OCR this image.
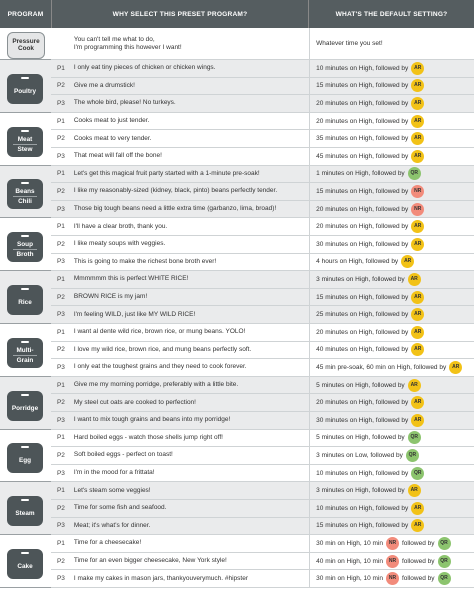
PROGRAM	WHY SELECT THIS PRESET PROGRAM?	WHAT'S THE DEFAULT SETTING?
Pressure
Cook
You can't tell me what to do,
I'm programming this however I want!	Whatever time you set!
Poultry
P1	I only eat tiny pieces of chicken or chicken wings.	10 minutes on High, followed by	AR
P2	Give me a drumstick!	15 minutes on High, followed by	AR
P3	The whole bird, please! No turkeys.	20 minutes on High, followed by	AR
Meat
Stew
P1	Cooks meat to just tender.	20 minutes on High, followed by	AR
P2	Cooks meat to very tender.	35 minutes on High, followed by	AR
P3	That meat will fall off the bone!	45 minutes on High, followed by	AR
Beans
Chili
P1	Let's get this magical fruit party started with a 1-minute pre-soak!	1 minutes on High, followed by	QR
P2	I like my reasonably-sized (kidney, black, pinto) beans perfectly tender.	15 minutes on High, followed by	NR
P3	Those big tough beans need a little extra time (garbanzo, lima, broad)!	20 minutes on High, followed by	NR
Soup
Broth
P1	I'll have a clear broth, thank you.	20 minutes on High, followed by	AR
P2	I like meaty soups with veggies.	30 minutes on High, followed by	AR
P3	This is going to make the richest bone broth ever!	4 hours on High, followed by	AR
Rice
P1	Mmmmmm this is perfect WHITE RICE!	3 minutes on High, followed by	AR
P2	BROWN RICE is my jam!	15 minutes on High, followed by	AR
P3	I'm feeling WILD, just like MY WILD RICE!	25 minutes on High, followed by	AR
Multi-
Grain
P1	I want al dente wild rice, brown rice, or mung beans. YOLO!	20 minutes on High, followed by	AR
P2	I love my wild rice, brown rice, and mung beans perfectly soft.	40 minutes on High, followed by	AR
P3	I only eat the toughest grains and they need to cook forever.	45 min pre-soak, 60 min on High, followed by	AR
Porridge
P1	Give me my morning porridge, preferably with a little bite.	5 minutes on High, followed by	AR
P2	My steel cut oats are cooked to perfection!	20 minutes on High, followed by	AR
P3	I want to mix tough grains and beans into my porridge!	30 minutes on High, followed by	AR
Egg
P1	Hard boiled eggs - watch those shells jump right off!	5 minutes on High, followed by	QR
P2	Soft boiled eggs - perfect on toast!	3 minutes on Low, followed by	QR
P3	I'm in the mood for a frittata!	10 minutes on High, followed by	QR
Steam
P1	Let's steam some veggies!	3 minutes on High, followed by	AR
P2	Time for some fish and seafood.	10 minutes on High, followed by	AR
P3	Meat; it's what's for dinner.	15 minutes on High, followed by	AR
Cake
P1	Time for a cheesecake!	30 min on High, 10 min	NR followed by	QR
P2	Time for an even bigger cheesecake, New York style!	40 min on High, 10 min	NR followed by	QR
P3	I make my cakes in mason jars, thankyouverymuch. #hipster	30 min on High, 10 min	NR followed by	QR
